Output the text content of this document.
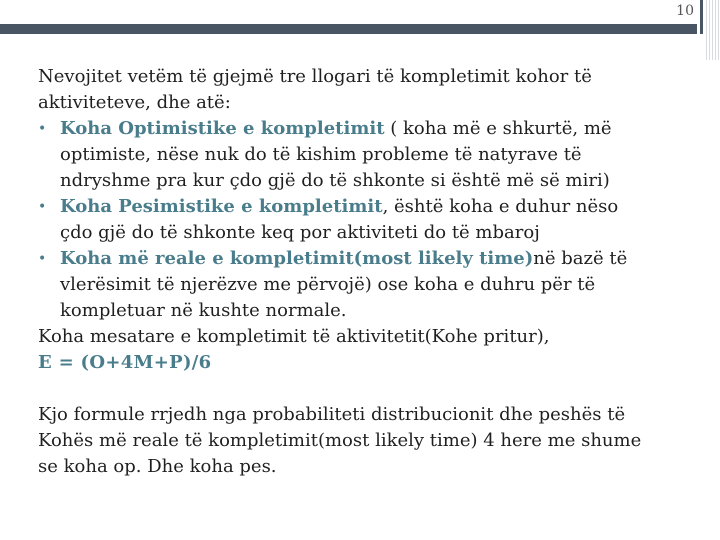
10
Nevojitet vetëm të gjejmë tre llogari të kompletimit kohor të
aktiviteteve, dhe atë:
• Koha Optimistike e kompletimit ( koha më e shkurtë, më
optimiste, nëse nuk do të kishim probleme të natyrave të
ndryshme pra kur çdo gjë do të shkonte si është më së miri)
• Koha Pesimistike e kompletimit, është koha e duhur nëso
çdo gjë do të shkonte keq por aktiviteti do të mbaroj
• Koha më reale e kompletimit(most likely time)në bazë të
vlerësimit të njerëzve me përvojë) ose koha e duhru për të
kompletuar në kushte normale.
Koha mesatare e kompletimit të aktivitetit(Kohe pritur),
E = (O+4M+P)/6
Kjo formule rrjedh nga probabiliteti distribucionit dhe peshës të
Kohës më reale të kompletimit(most likely time) 4 here me shume
se koha op. Dhe koha pes.
